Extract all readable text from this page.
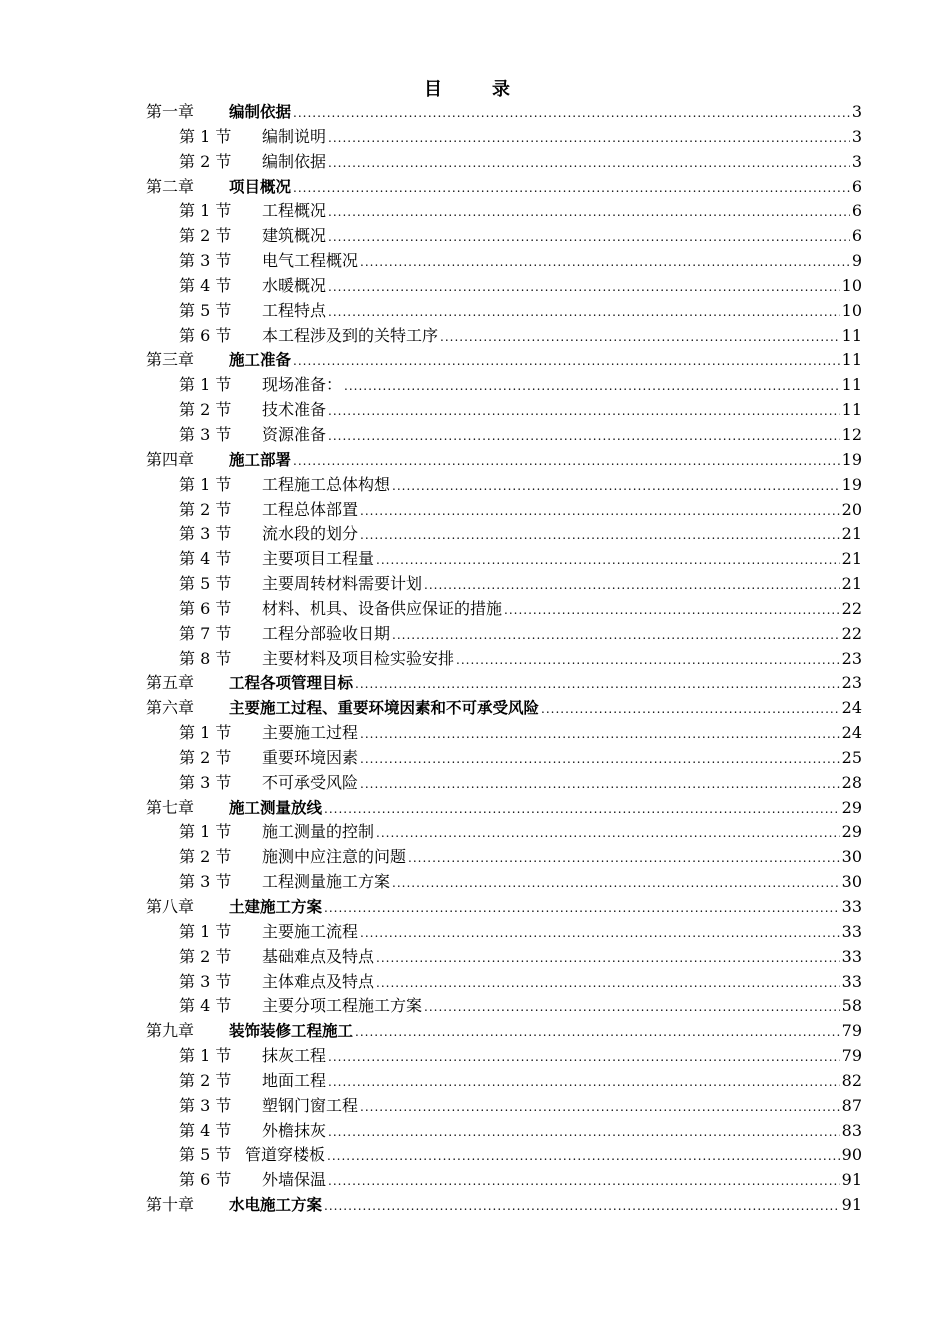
目　录
第一章	编制依据 .....	3
第 1 节	编制说明 .....	3
第 2 节	编制依据 .....	3
第二章	项目概况 .....	6
第 1 节	工程概况 .....	6
第 2 节	建筑概况 .....	6
第 3 节	电气工程概况 .....	9
第 4 节	水暖概况 .....	10
第 5 节	工程特点 .....	10
第 6 节	本工程涉及到的关特工序 .....	11
第三章	施工准备 .....	11
第 1 节	现场准备： .....	11
第 2 节	技术准备 .....	11
第 3 节	资源准备 .....	12
第四章	施工部署 .....	19
第 1 节	工程施工总体构想 .....	19
第 2 节	工程总体部置 .....	20
第 3 节	流水段的划分 .....	21
第 4 节	主要项目工程量 .....	21
第 5 节	主要周转材料需要计划 .....	21
第 6 节	材料、机具、设备供应保证的措施 .....	22
第 7 节	工程分部验收日期 .....	22
第 8 节	主要材料及项目检实验安排 .....	23
第五章	工程各项管理目标 .....	23
第六章	主要施工过程、重要环境因素和不可承受风险 .....	24
第 1 节	主要施工过程 .....	24
第 2 节	重要环境因素 .....	25
第 3 节	不可承受风险 .....	28
第七章	施工测量放线 .....	29
第 1 节	施工测量的控制 .....	29
第 2 节	施测中应注意的问题 .....	30
第 3 节	工程测量施工方案 .....	30
第八章	土建施工方案 .....	33
第 1 节	主要施工流程 .....	33
第 2 节	基础难点及特点 .....	33
第 3 节	主体难点及特点 .....	33
第 4 节	主要分项工程施工方案 .....	58
第九章	装饰装修工程施工 .....	79
第 1 节	抹灰工程 .....	79
第 2 节	地面工程 .....	82
第 3 节	塑钢门窗工程 .....	87
第 4 节	外檐抹灰 .....	83
第 5 节 管道穿楼板 .....	90
第 6 节	外墙保温 .....	91
第十章	水电施工方案 .....	91
